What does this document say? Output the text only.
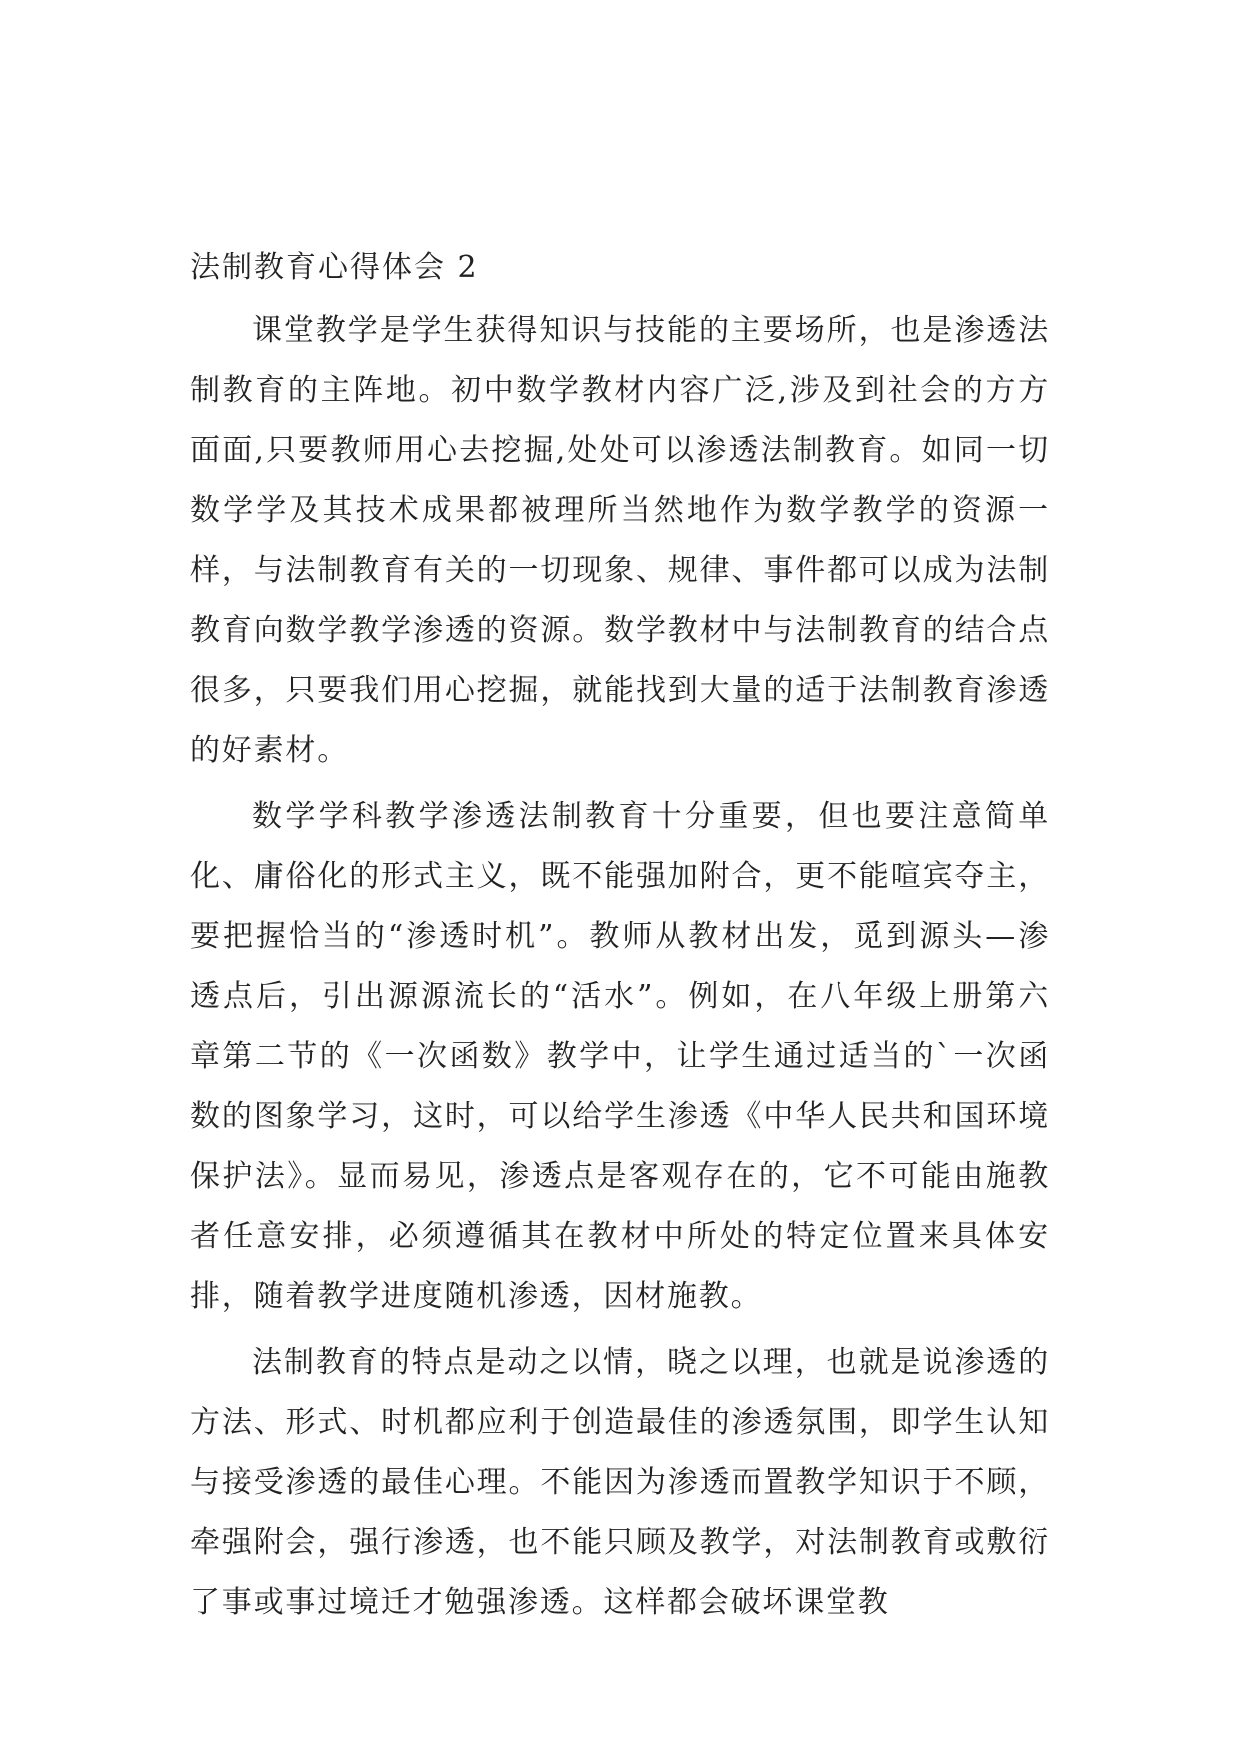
法制教育心得体会 2

课堂教学是学生获得知识与技能的主要场所，也是渗透法制教育的主阵地。初中数学教材内容广泛,涉及到社会的方方面面,只要教师用心去挖掘,处处可以渗透法制教育。如同一切数学学及其技术成果都被理所当然地作为数学教学的资源一样，与法制教育有关的一切现象、规律、事件都可以成为法制教育向数学教学渗透的资源。数学教材中与法制教育的结合点很多，只要我们用心挖掘，就能找到大量的适于法制教育渗透的好素材。

数学学科教学渗透法制教育十分重要，但也要注意简单化、庸俗化的形式主义，既不能强加附合，更不能喧宾夺主，要把握恰当的“渗透时机”。教师从教材出发，觅到源头—渗透点后，引出源源流长的“活水”。例如，在八年级上册第六章第二节的《一次函数》教学中，让学生通过适当的`一次函数的图象学习，这时，可以给学生渗透《中华人民共和国环境保护法》。显而易见，渗透点是客观存在的，它不可能由施教者任意安排，必须遵循其在教材中所处的特定位置来具体安排，随着教学进度随机渗透，因材施教。

法制教育的特点是动之以情，晓之以理，也就是说渗透的方法、形式、时机都应利于创造最佳的渗透氛围，即学生认知与接受渗透的最佳心理。不能因为渗透而置教学知识于不顾，牵强附会，强行渗透，也不能只顾及教学，对法制教育或敷衍了事或事过境迁才勉强渗透。这样都会破坏课堂教
